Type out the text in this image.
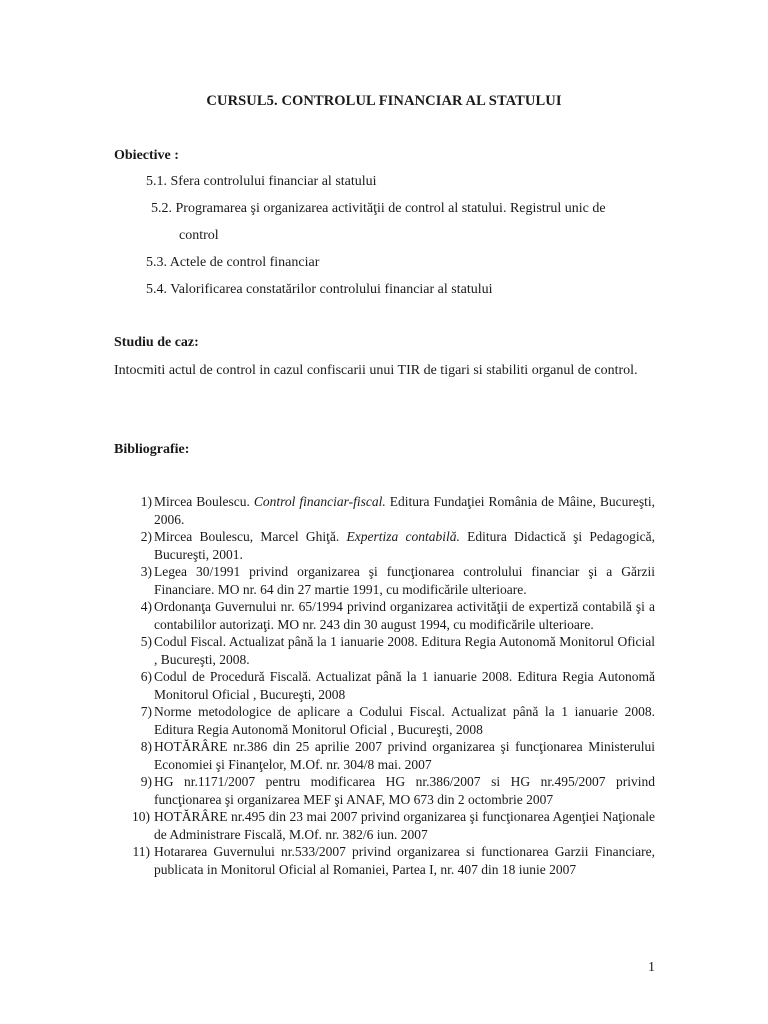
CURSUL5. CONTROLUL FINANCIAR AL STATULUI
Obiective :
5.1. Sfera controlului financiar al statului
5.2. Programarea şi organizarea activităţii de control al statului. Registrul unic de
control
5.3. Actele de control financiar
5.4. Valorificarea constatărilor controlului financiar al statului
Studiu de caz:
Intocmiti actul de control in cazul confiscarii unui TIR de tigari si stabiliti organul de control.
Bibliografie:
1) Mircea Boulescu. Control financiar-fiscal. Editura Fundaţiei România de Mâine, Bucureşti, 2006.
2) Mircea Boulescu, Marcel Ghiţă. Expertiza contabilă. Editura Didactică şi Pedagogică, Bucureşti, 2001.
3) Legea 30/1991 privind organizarea şi funcţionarea controlului financiar şi a Gărzii Financiare. MO nr. 64 din 27 martie 1991, cu modificările ulterioare.
4) Ordonanţa Guvernului nr. 65/1994 privind organizarea activităţii de expertiză contabilă şi a contabililor autorizaţi. MO nr. 243 din 30 august 1994, cu modificările ulterioare.
5) Codul Fiscal. Actualizat până la 1 ianuarie 2008. Editura Regia Autonomă Monitorul Oficial , Bucureşti, 2008.
6) Codul de Procedură Fiscală. Actualizat până la 1 ianuarie 2008. Editura Regia Autonomă Monitorul Oficial , Bucureşti, 2008
7) Norme metodologice de aplicare a Codului Fiscal. Actualizat până la 1 ianuarie 2008. Editura Regia Autonomă Monitorul Oficial , Bucureşti, 2008
8) HOTĂRÂRE nr.386 din 25 aprilie 2007 privind organizarea şi funcţionarea Ministerului Economiei şi Finanţelor, M.Of. nr. 304/8 mai. 2007
9) HG nr.1171/2007 pentru modificarea HG nr.386/2007 si HG nr.495/2007 privind funcţionarea şi organizarea MEF şi ANAF, MO 673 din 2 octombrie 2007
10) HOTĂRÂRE nr.495 din 23 mai 2007 privind organizarea şi funcţionarea Agenţiei Naţionale de Administrare Fiscală, M.Of. nr. 382/6 iun. 2007
11) Hotararea Guvernului nr.533/2007 privind organizarea si functionarea Garzii Financiare, publicata in Monitorul Oficial al Romaniei, Partea I, nr. 407 din 18 iunie 2007
1
